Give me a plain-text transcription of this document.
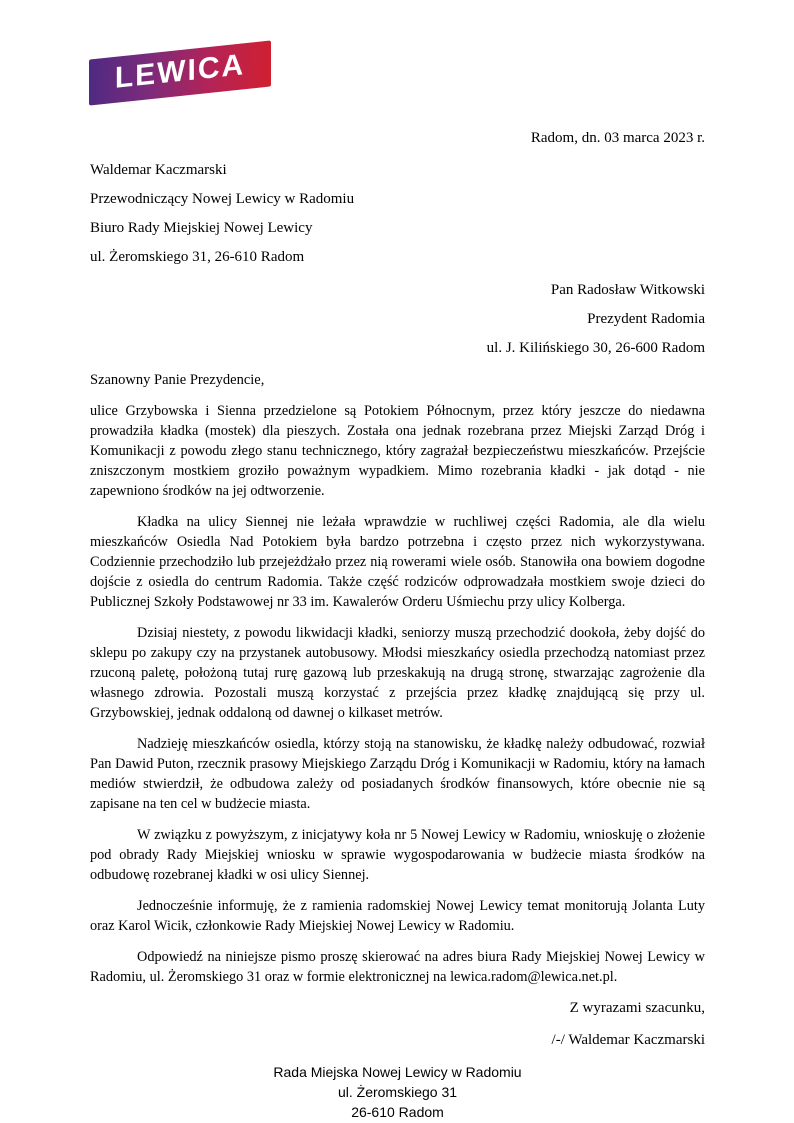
LEWICA
Radom, dn. 03 marca 2023 r.

Waldemar Kaczmarski

Przewodniczący Nowej Lewicy w Radomiu

Biuro Rady Miejskiej Nowej Lewicy

ul. Żeromskiego 31, 26-610 Radom

Pan Radosław Witkowski

Prezydent Radomia

ul. J. Kilińskiego 30, 26-600 Radom

Szanowny Panie Prezydencie,

ulice Grzybowska i Sienna przedzielone są Potokiem Północnym, przez który jeszcze do niedawna prowadziła kładka (mostek) dla pieszych. Została ona jednak rozebrana przez Miejski Zarząd Dróg i Komunikacji z powodu złego stanu technicznego, który zagrażał bezpieczeństwu mieszkańców. Przejście zniszczonym mostkiem groziło poważnym wypadkiem. Mimo rozebrania kładki - jak dotąd - nie zapewniono środków na jej odtworzenie.

Kładka na ulicy Siennej nie leżała wprawdzie w ruchliwej części Radomia, ale dla wielu mieszkańców Osiedla Nad Potokiem była bardzo potrzebna i często przez nich wykorzystywana. Codziennie przechodziło lub przejeżdżało przez nią rowerami wiele osób. Stanowiła ona bowiem dogodne dojście z osiedla do centrum Radomia. Także część rodziców odprowadzała mostkiem swoje dzieci do Publicznej Szkoły Podstawowej nr 33 im. Kawalerów Orderu Uśmiechu przy ulicy Kolberga.

Dzisiaj niestety, z powodu likwidacji kładki, seniorzy muszą przechodzić dookoła, żeby dojść do sklepu po zakupy czy na przystanek autobusowy. Młodsi mieszkańcy osiedla przechodzą natomiast przez rzuconą paletę, położoną tutaj rurę gazową lub przeskakują na drugą stronę, stwarzając zagrożenie dla własnego zdrowia. Pozostali muszą korzystać z przejścia przez kładkę znajdującą się przy ul. Grzybowskiej, jednak oddaloną od dawnej o kilkaset metrów.

Nadzieję mieszkańców osiedla, którzy stoją na stanowisku, że kładkę należy odbudować, rozwiał Pan Dawid Puton, rzecznik prasowy Miejskiego Zarządu Dróg i Komunikacji w Radomiu, który na łamach mediów stwierdził, że odbudowa zależy od posiadanych środków finansowych, które obecnie nie są zapisane na ten cel w budżecie miasta.

W związku z powyższym, z inicjatywy koła nr 5 Nowej Lewicy w Radomiu, wnioskuję o złożenie pod obrady Rady Miejskiej wniosku w sprawie wygospodarowania w budżecie miasta środków na odbudowę rozebranej kładki w osi ulicy Siennej.

Jednocześnie informuję, że z ramienia radomskiej Nowej Lewicy temat monitorują Jolanta Luty oraz Karol Wicik, członkowie Rady Miejskiej Nowej Lewicy w Radomiu.

Odpowiedź na niniejsze pismo proszę skierować na adres biura Rady Miejskiej Nowej Lewicy w Radomiu, ul. Żeromskiego 31 oraz w formie elektronicznej na lewica.radom@lewica.net.pl.

Z wyrazami szacunku,

/-/ Waldemar Kaczmarski

Rada Miejska Nowej Lewicy w Radomiu

ul. Żeromskiego 31

26-610 Radom
